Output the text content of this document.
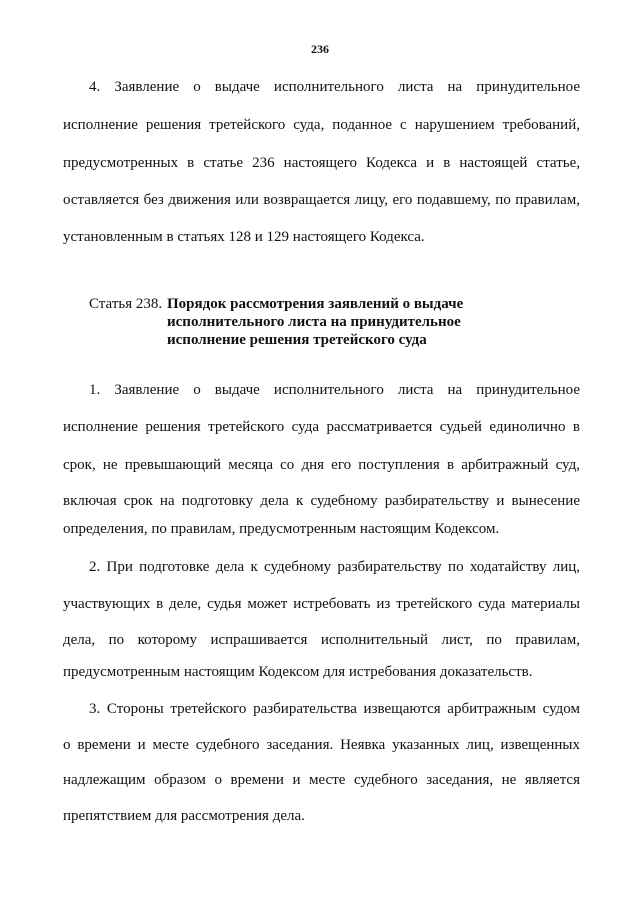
236
4. Заявление о выдаче исполнительного листа на принудительное
исполнение решения третейского суда, поданное с нарушением требований,
предусмотренных в статье 236 настоящего Кодекса и в настоящей статье,
оставляется без движения или возвращается лицу, его подавшему, по правилам,
установленным в статьях 128 и 129 настоящего Кодекса.
Статья 238. Порядок рассмотрения заявлений о выдаче
исполнительного листа на принудительное
исполнение решения третейского суда
1. Заявление о выдаче исполнительного листа на принудительное
исполнение решения третейского суда рассматривается судьей единолично в
срок, не превышающий месяца со дня его поступления в арбитражный суд,
включая срок на подготовку дела к судебному разбирательству и вынесение
определения, по правилам, предусмотренным настоящим Кодексом.
2. При подготовке дела к судебному разбирательству по ходатайству лиц,
участвующих в деле, судья может истребовать из третейского суда материалы
дела, по которому испрашивается исполнительный лист, по правилам,
предусмотренным настоящим Кодексом для истребования доказательств.
3. Стороны третейского разбирательства извещаются арбитражным судом
о времени и месте судебного заседания. Неявка указанных лиц, извещенных
надлежащим образом о времени и месте судебного заседания, не является
препятствием для рассмотрения дела.
